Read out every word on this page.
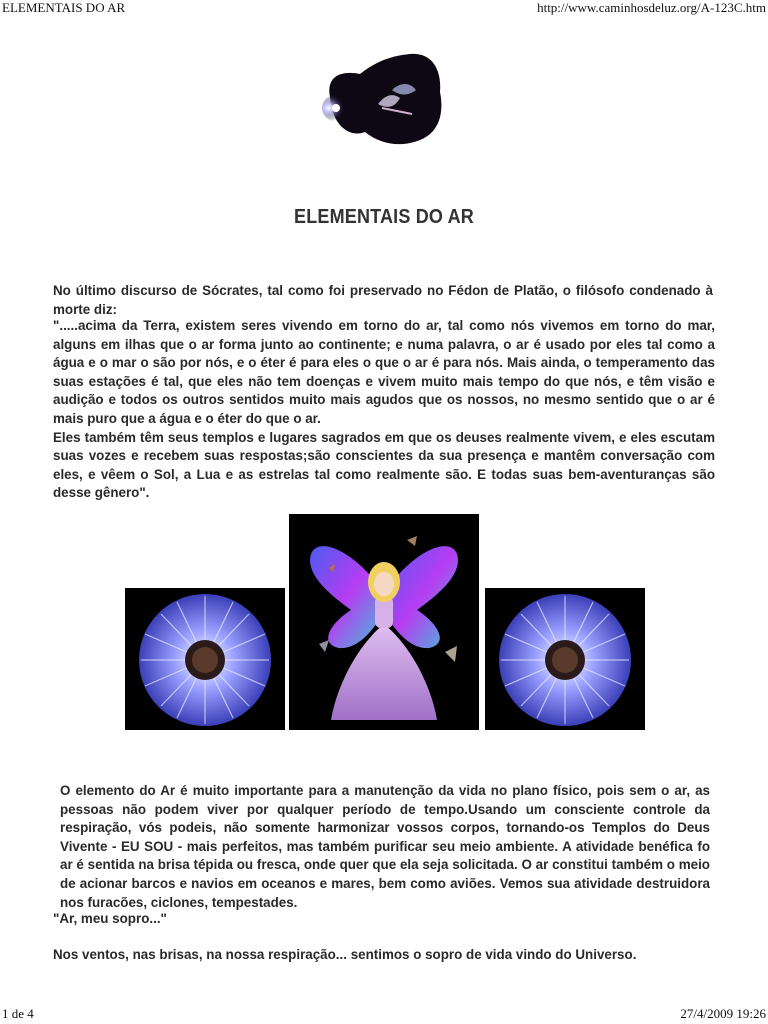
ELEMENTAIS DO AR	http://www.caminhosdeluz.org/A-123C.htm
ELEMENTAIS DO AR

No último discurso de Sócrates, tal como foi preservado no Fédon de Platão, o filósofo condenado à morte diz:

".....acima da Terra, existem seres vivendo em torno do ar, tal como nós vivemos em torno do mar, alguns em ilhas que o ar forma junto ao continente; e numa palavra, o ar é usado por eles tal como a água e o mar o são por nós, e o éter é para eles o que o ar é para nós. Mais ainda, o temperamento das suas estações é tal, que eles não tem doenças e vivem muito mais tempo do que nós, e têm visão e audição e todos os outros sentidos muito mais agudos que os nossos, no mesmo sentido que o ar é mais puro que a água e o éter do que o ar.

Eles também têm seus templos e lugares sagrados em que os deuses realmente vivem, e eles escutam suas vozes e recebem suas respostas;são conscientes da sua presença e mantêm conversação com eles, e vêem o Sol, a Lua e as estrelas tal como realmente são. E todas suas bem-aventuranças são desse gênero".

O elemento do Ar é muito importante para a manutenção da vida no plano físico, pois sem o ar, as pessoas não podem viver por qualquer período de tempo.Usando um consciente controle da respiração, vós podeis, não somente harmonizar vossos corpos, tornando-os Templos do Deus Vivente - EU SOU - mais perfeitos, mas também purificar seu meio ambiente. A atividade benéfica fo ar é sentida na brisa tépida ou fresca, onde quer que ela seja solicitada. O ar constitui também o meio de acionar barcos e navios em oceanos e mares, bem como aviões. Vemos sua atividade destruidora nos furacões, ciclones, tempestades.

"Ar, meu sopro..."

Nos ventos, nas brisas, na nossa respiração... sentimos o sopro de vida vindo do Universo.

1 de 4	27/4/2009 19:26
